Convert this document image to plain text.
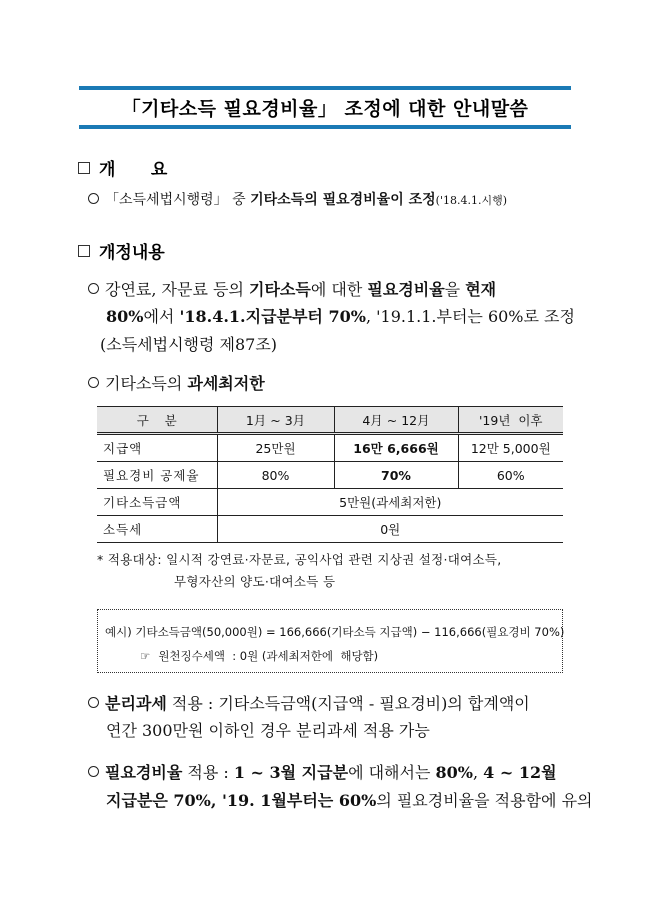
「기타소득 필요경비율」 조정에 대한 안내말씀
개      요
「소득세법시행령」 중 기타소득의 필요경비율이 조정('18.4.1.시행)
개정내용
강연료, 자문료 등의 기타소득에 대한 필요경비율을 현재
80%에서 '18.4.1.지급분부터 70%, '19.1.1.부터는 60%로 조정
(소득세법시행령 제87조)
기타소득의 과세최저한
구    분	1月 ~ 3月	4月 ~ 12月	'19년  이후
지급액	25만원	16만 6,666원	12만 5,000원
필요경비 공제율	80%	70%	60%
기타소득금액	5만원(과세최저한)		
소득세	0원		
* 적용대상: 일시적 강연료·자문료, 공익사업 관련 지상권 설정·대여소득,
무형자산의 양도·대여소득 등
예시) 기타소득금액(50,000원) = 166,666(기타소득 지급액) − 116,666(필요경비 70%)
☞ 원천징수세액  : 0원 (과세최저한에  해당함)
분리과세 적용 : 기타소득금액(지급액 - 필요경비)의 합계액이
연간 300만원 이하인 경우 분리과세 적용 가능
필요경비율 적용 : 1 ~ 3월 지급분에 대해서는 80%, 4 ~ 12월
지급분은 70%, '19. 1월부터는 60%의 필요경비율을 적용함에 유의
